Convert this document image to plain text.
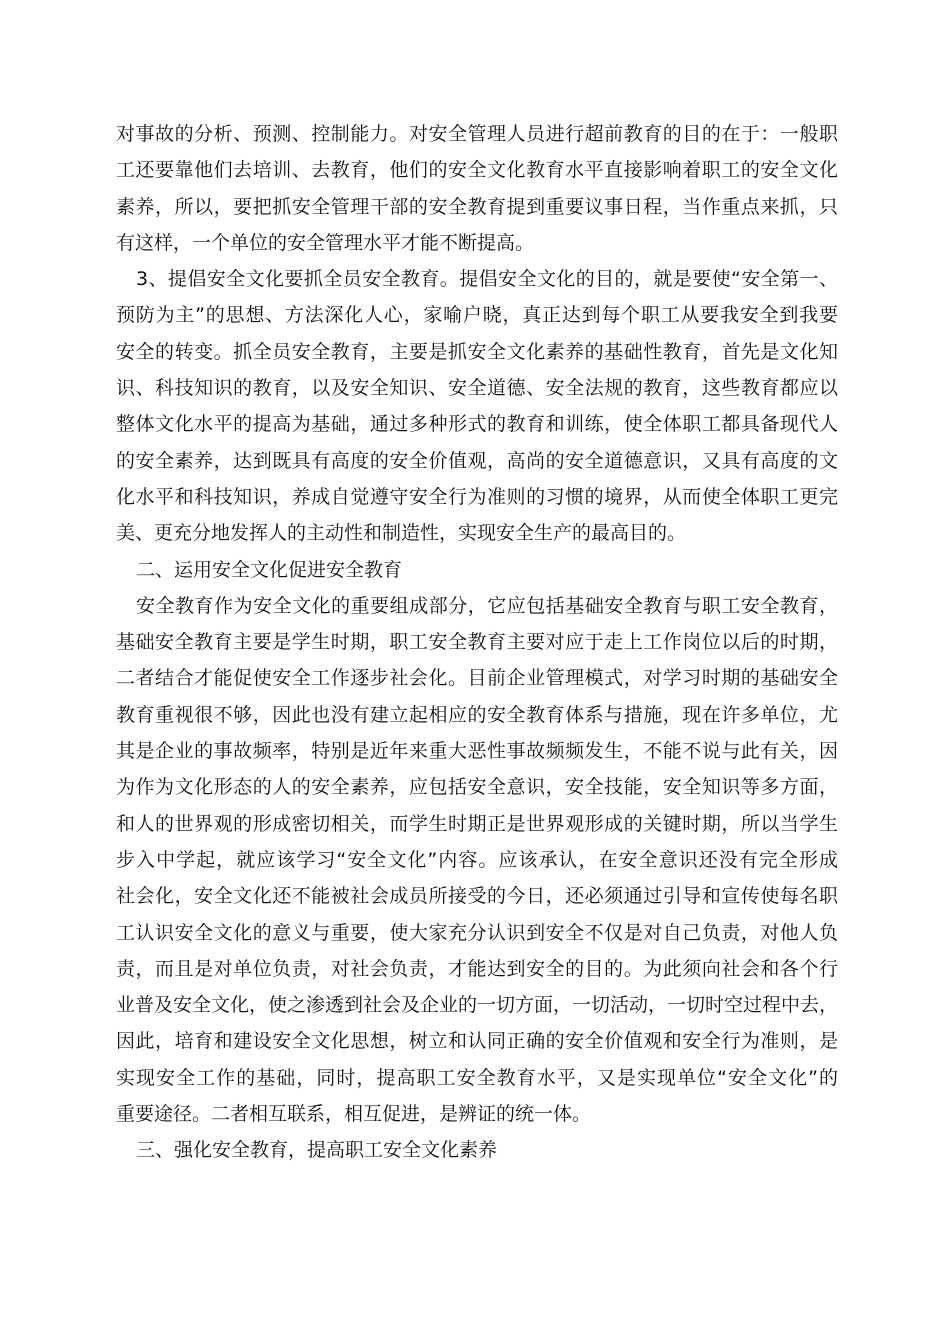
对事故的分析、预测、控制能力。对安全管理人员进行超前教育的目的在于：一般职
工还要靠他们去培训、去教育，他们的安全文化教育水平直接影响着职工的安全文化
素养，所以，要把抓安全管理干部的安全教育提到重要议事日程，当作重点来抓，只
有这样，一个单位的安全管理水平才能不断提高。
3、提倡安全文化要抓全员安全教育。提倡安全文化的目的，就是要使“安全第一、
预防为主”的思想、方法深化人心，家喻户晓，真正达到每个职工从要我安全到我要
安全的转变。抓全员安全教育，主要是抓安全文化素养的基础性教育，首先是文化知
识、科技知识的教育，以及安全知识、安全道德、安全法规的教育，这些教育都应以
整体文化水平的提高为基础，通过多种形式的教育和训练，使全体职工都具备现代人
的安全素养，达到既具有高度的安全价值观，高尚的安全道德意识，又具有高度的文
化水平和科技知识，养成自觉遵守安全行为准则的习惯的境界，从而使全体职工更完
美、更充分地发挥人的主动性和制造性，实现安全生产的最高目的。
二、运用安全文化促进安全教育
安全教育作为安全文化的重要组成部分，它应包括基础安全教育与职工安全教育，
基础安全教育主要是学生时期，职工安全教育主要对应于走上工作岗位以后的时期，
二者结合才能促使安全工作逐步社会化。目前企业管理模式，对学习时期的基础安全
教育重视很不够，因此也没有建立起相应的安全教育体系与措施，现在许多单位，尤
其是企业的事故频率，特别是近年来重大恶性事故频频发生，不能不说与此有关，因
为作为文化形态的人的安全素养，应包括安全意识，安全技能，安全知识等多方面，
和人的世界观的形成密切相关，而学生时期正是世界观形成的关键时期，所以当学生
步入中学起，就应该学习“安全文化”内容。应该承认，在安全意识还没有完全形成
社会化，安全文化还不能被社会成员所接受的今日，还必须通过引导和宣传使每名职
工认识安全文化的意义与重要，使大家充分认识到安全不仅是对自己负责，对他人负
责，而且是对单位负责，对社会负责，才能达到安全的目的。为此须向社会和各个行
业普及安全文化，使之渗透到社会及企业的一切方面，一切活动，一切时空过程中去，
因此，培育和建设安全文化思想，树立和认同正确的安全价值观和安全行为准则，是
实现安全工作的基础，同时，提高职工安全教育水平，又是实现单位“安全文化”的
重要途径。二者相互联系，相互促进，是辨证的统一体。
三、强化安全教育，提高职工安全文化素养
